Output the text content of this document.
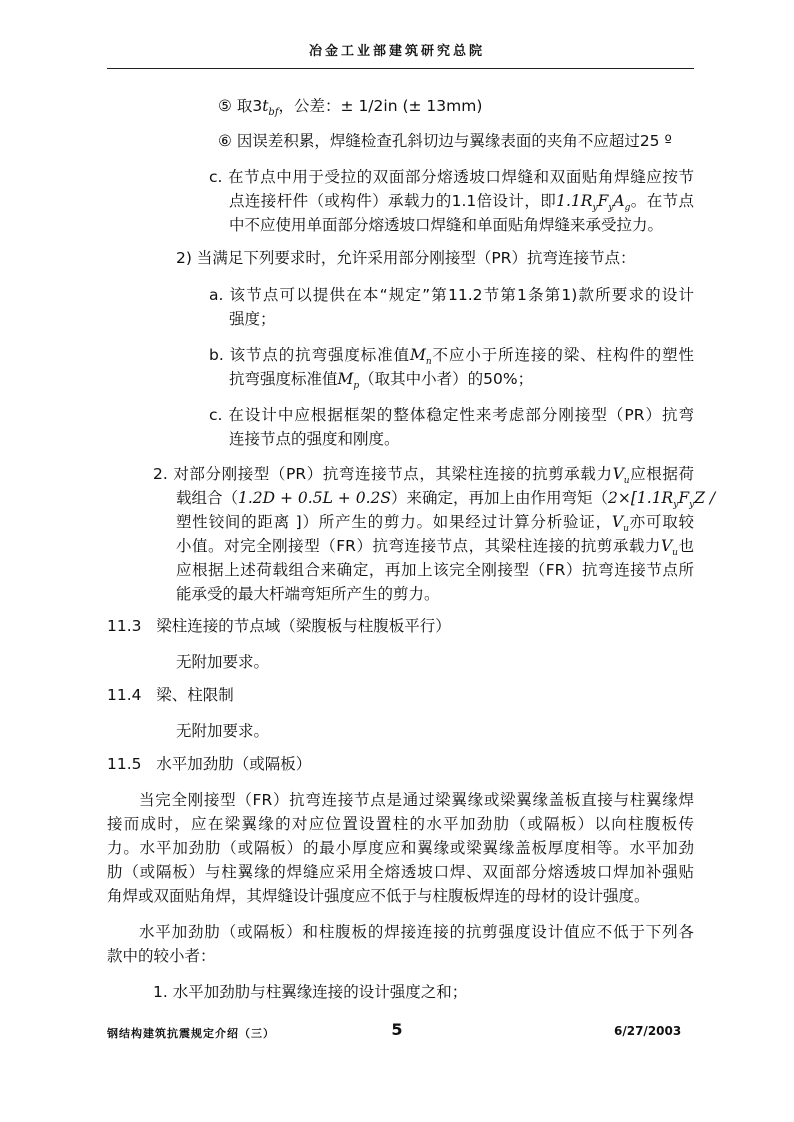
冶金工业部建筑研究总院
⑤ 取$3t_{bf}$，公差：± 1/2in (± 13mm)
⑥ 因误差积累，焊缝检查孔斜切边与翼缘表面的夹角不应超过25 º
c. 在节点中用于受拉的双面部分熔透坡口焊缝和双面贴角焊缝应按节
点连接杆件（或构件）承载力的1.1倍设计，即$1.1R_yF_yA_g$。在节点
中不应使用单面部分熔透坡口焊缝和单面贴角焊缝来承受拉力。
2) 当满足下列要求时，允许采用部分刚接型（PR）抗弯连接节点：
a. 该节点可以提供在本“规定”第11.2节第1条第1)款所要求的设计
强度；
b. 该节点的抗弯强度标准值$M_n$不应小于所连接的梁、柱构件的塑性
抗弯强度标准值$M_p$（取其中小者）的50%；
c. 在设计中应根据框架的整体稳定性来考虑部分刚接型（PR）抗弯
连接节点的强度和刚度。
2. 对部分刚接型（PR）抗弯连接节点，其梁柱连接的抗剪承载力$V_u$应根据荷
载组合（1.2D + 0.5L + 0.2S）来确定，再加上由作用弯矩（$2\times[1.1R_yF_yZ$ /
塑性铰间的距离 ]）所产生的剪力。如果经过计算分析验证，$V_u$亦可取较
小值。对完全刚接型（FR）抗弯连接节点，其梁柱连接的抗剪承载力$V_u$也
应根据上述荷载组合来确定，再加上该完全刚接型（FR）抗弯连接节点所
能承受的最大杆端弯矩所产生的剪力。
11.3 梁柱连接的节点域（梁腹板与柱腹板平行）
无附加要求。
11.4 梁、柱限制
无附加要求。
11.5 水平加劲肋（或隔板）
当完全刚接型（FR）抗弯连接节点是通过梁翼缘或梁翼缘盖板直接与柱翼缘焊
接而成时，应在梁翼缘的对应位置设置柱的水平加劲肋（或隔板）以向柱腹板传
力。水平加劲肋（或隔板）的最小厚度应和翼缘或梁翼缘盖板厚度相等。水平加劲
肋（或隔板）与柱翼缘的焊缝应采用全熔透坡口焊、双面部分熔透坡口焊加补强贴
角焊或双面贴角焊，其焊缝设计强度应不低于与柱腹板焊连的母材的设计强度。
水平加劲肋（或隔板）和柱腹板的焊接连接的抗剪强度设计值应不低于下列各
款中的较小者：
1. 水平加劲肋与柱翼缘连接的设计强度之和；
钢结构建筑抗震规定介绍（三）	5	6/27/2003
